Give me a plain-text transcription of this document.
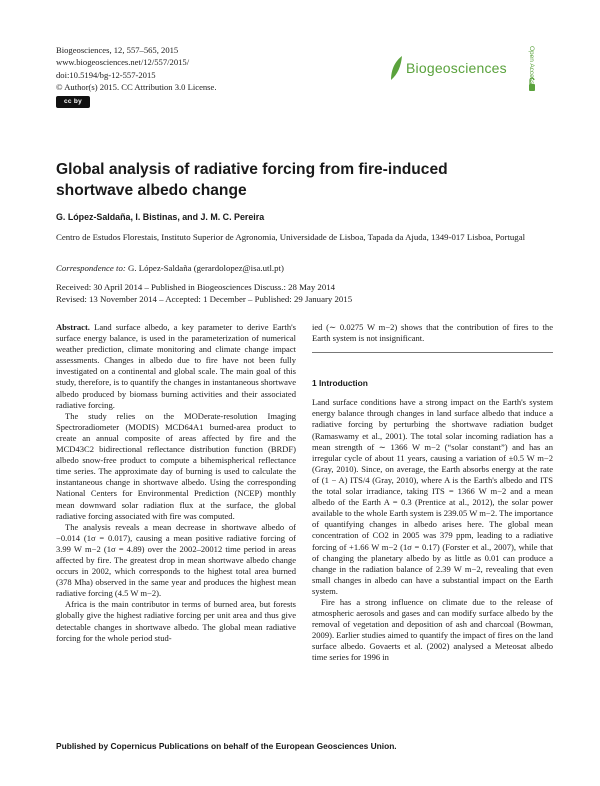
Biogeosciences, 12, 557–565, 2015
www.biogeosciences.net/12/557/2015/
doi:10.5194/bg-12-557-2015
© Author(s) 2015. CC Attribution 3.0 License.
cc by
Biogeosciences	Open Access
Global analysis of radiative forcing from fire-induced shortwave albedo change
G. López-Saldaña, I. Bistinas, and J. M. C. Pereira
Centro de Estudos Florestais, Instituto Superior de Agronomia, Universidade de Lisboa, Tapada da Ajuda, 1349-017 Lisboa, Portugal
Correspondence to: G. López-Saldaña (gerardolopez@isa.utl.pt)
Received: 30 April 2014 – Published in Biogeosciences Discuss.: 28 May 2014
Revised: 13 November 2014 – Accepted: 1 December – Published: 29 January 2015

Abstract. Land surface albedo, a key parameter to derive Earth's surface energy balance, is used in the parameterization of numerical weather prediction, climate monitoring and climate change impact assessments. Changes in albedo due to fire have not been fully investigated on a continental and global scale. The main goal of this study, therefore, is to quantify the changes in instantaneous shortwave albedo produced by biomass burning activities and their associated radiative forcing.

The study relies on the MODerate-resolution Imaging Spectroradiometer (MODIS) MCD64A1 burned-area product to create an annual composite of areas affected by fire and the MCD43C2 bidirectional reflectance distribution function (BRDF) albedo snow-free product to compute a bihemispherical reflectance time series. The approximate day of burning is used to calculate the instantaneous change in shortwave albedo. Using the corresponding National Centers for Environmental Prediction (NCEP) monthly mean downward solar radiation flux at the surface, the global radiative forcing associated with fire was computed.

The analysis reveals a mean decrease in shortwave albedo of −0.014 (1σ = 0.017), causing a mean positive radiative forcing of 3.99 W m−2 (1σ = 4.89) over the 2002–20012 time period in areas affected by fire. The greatest drop in mean shortwave albedo change occurs in 2002, which corresponds to the highest total area burned (378 Mha) observed in the same year and produces the highest mean radiative forcing (4.5 W m−2).

Africa is the main contributor in terms of burned area, but forests globally give the highest radiative forcing per unit area and thus give detectable changes in shortwave albedo. The global mean radiative forcing for the whole period stud-

ied (∼ 0.0275 W m−2) shows that the contribution of fires to the Earth system is not insignificant.

1 Introduction

Land surface conditions have a strong impact on the Earth's system energy balance through changes in land surface albedo that induce a radiative forcing by perturbing the shortwave radiation budget (Ramaswamy et al., 2001). The total solar incoming radiation has a mean strength of ∼ 1366 W m−2 (“solar constant”) and has an irregular cycle of about 11 years, causing a variation of ±0.5 W m−2 (Gray, 2010). Since, on average, the Earth absorbs energy at the rate of (1 − A) ITS/4 (Gray, 2010), where A is the Earth's albedo and ITS the total solar irradiance, taking ITS = 1366 W m−2 and a mean albedo of the Earth A = 0.3 (Prentice at al., 2012), the solar power available to the whole Earth system is 239.05 W m−2. The importance of quantifying changes in albedo arises here. The global mean concentration of CO2 in 2005 was 379 ppm, leading to a radiative forcing of +1.66 W m−2 (1σ = 0.17) (Forster et al., 2007), while that of changing the planetary albedo by as little as 0.01 can produce a change in the radiation balance of 2.39 W m−2, revealing that even small changes in albedo can have a substantial impact on the Earth system.

Fire has a strong influence on climate due to the release of atmospheric aerosols and gases and can modify surface albedo by the removal of vegetation and deposition of ash and charcoal (Bowman, 2009). Earlier studies aimed to quantify the impact of fires on the land surface albedo. Govaerts et al. (2002) analysed a Meteosat albedo time series for 1996 in

Published by Copernicus Publications on behalf of the European Geosciences Union.
